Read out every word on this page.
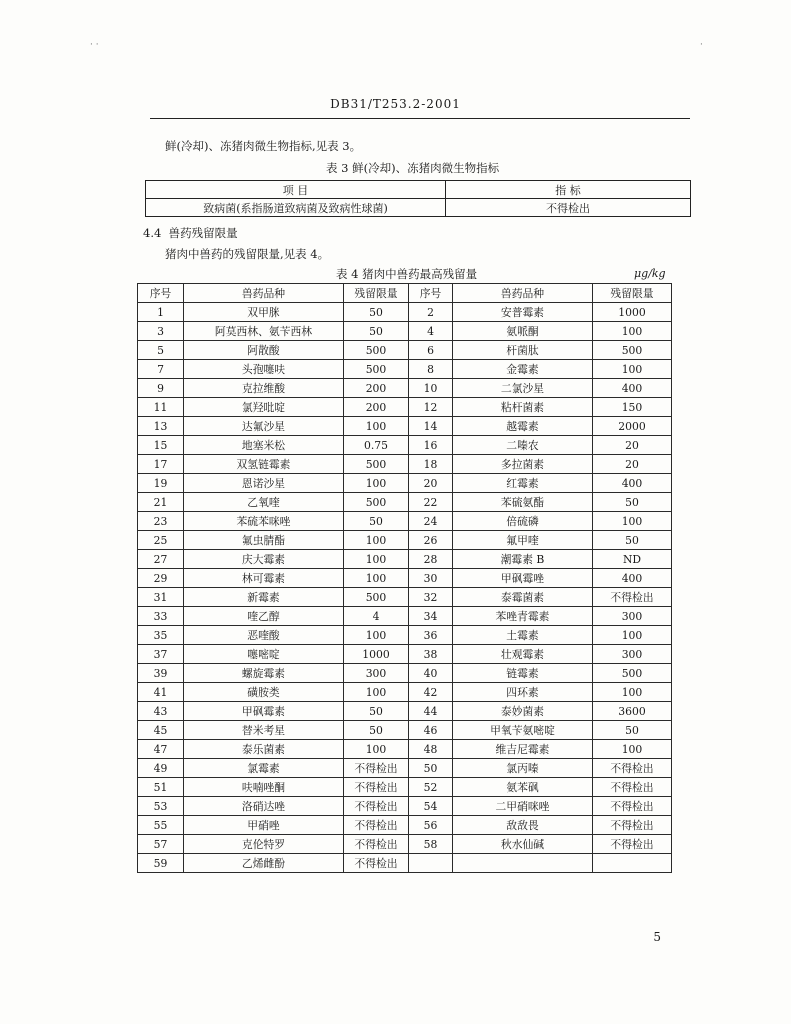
· ·	·
DB31/T253.2-2001
鲜(冷却)、冻猪肉微生物指标,见表 3。
表 3 鲜(冷却)、冻猪肉微生物指标
项 目	指 标
致病菌(系指肠道致病菌及致病性球菌)	不得检出
4.4 兽药残留限量
猪肉中兽药的残留限量,见表 4。
表 4 猪肉中兽药最高残留量	μg/kg
序号	兽药品种	残留限量	序号	兽药品种	残留限量
1	双甲脒	50	2	安普霉素	1000
3	阿莫西林、氨苄西林	50	4	氨哌酮	100
5	阿散酸	500	6	杆菌肽	500
7	头孢噻呋	500	8	金霉素	100
9	克拉维酸	200	10	二氯沙星	400
11	氯羟吡啶	200	12	粘杆菌素	150
13	达氟沙星	100	14	越霉素	2000
15	地塞米松	0.75	16	二嗪农	20
17	双氢链霉素	500	18	多拉菌素	20
19	恩诺沙星	100	20	红霉素	400
21	乙氧喹	500	22	苯硫氨酯	50
23	苯硫苯咪唑	50	24	倍硫磷	100
25	氟虫腈酯	100	26	氟甲喹	50
27	庆大霉素	100	28	潮霉素 B	ND
29	林可霉素	100	30	甲砜霉唑	400
31	新霉素	500	32	泰霉菌素	不得检出
33	喹乙醇	4	34	苯唑青霉素	300
35	恶喹酸	100	36	土霉素	100
37	噻嘧啶	1000	38	壮观霉素	300
39	螺旋霉素	300	40	链霉素	500
41	磺胺类	100	42	四环素	100
43	甲砜霉素	50	44	泰妙菌素	3600
45	替米考星	50	46	甲氧苄氨嘧啶	50
47	泰乐菌素	100	48	维吉尼霉素	100
49	氯霉素	不得检出	50	氯丙嗪	不得检出
51	呋喃唑酮	不得检出	52	氨苯砜	不得检出
53	洛硝达唑	不得检出	54	二甲硝咪唑	不得检出
55	甲硝唑	不得检出	56	敌敌畏	不得检出
57	克伦特罗	不得检出	58	秋水仙碱	不得检出
59	乙烯雌酚	不得检出			
5
